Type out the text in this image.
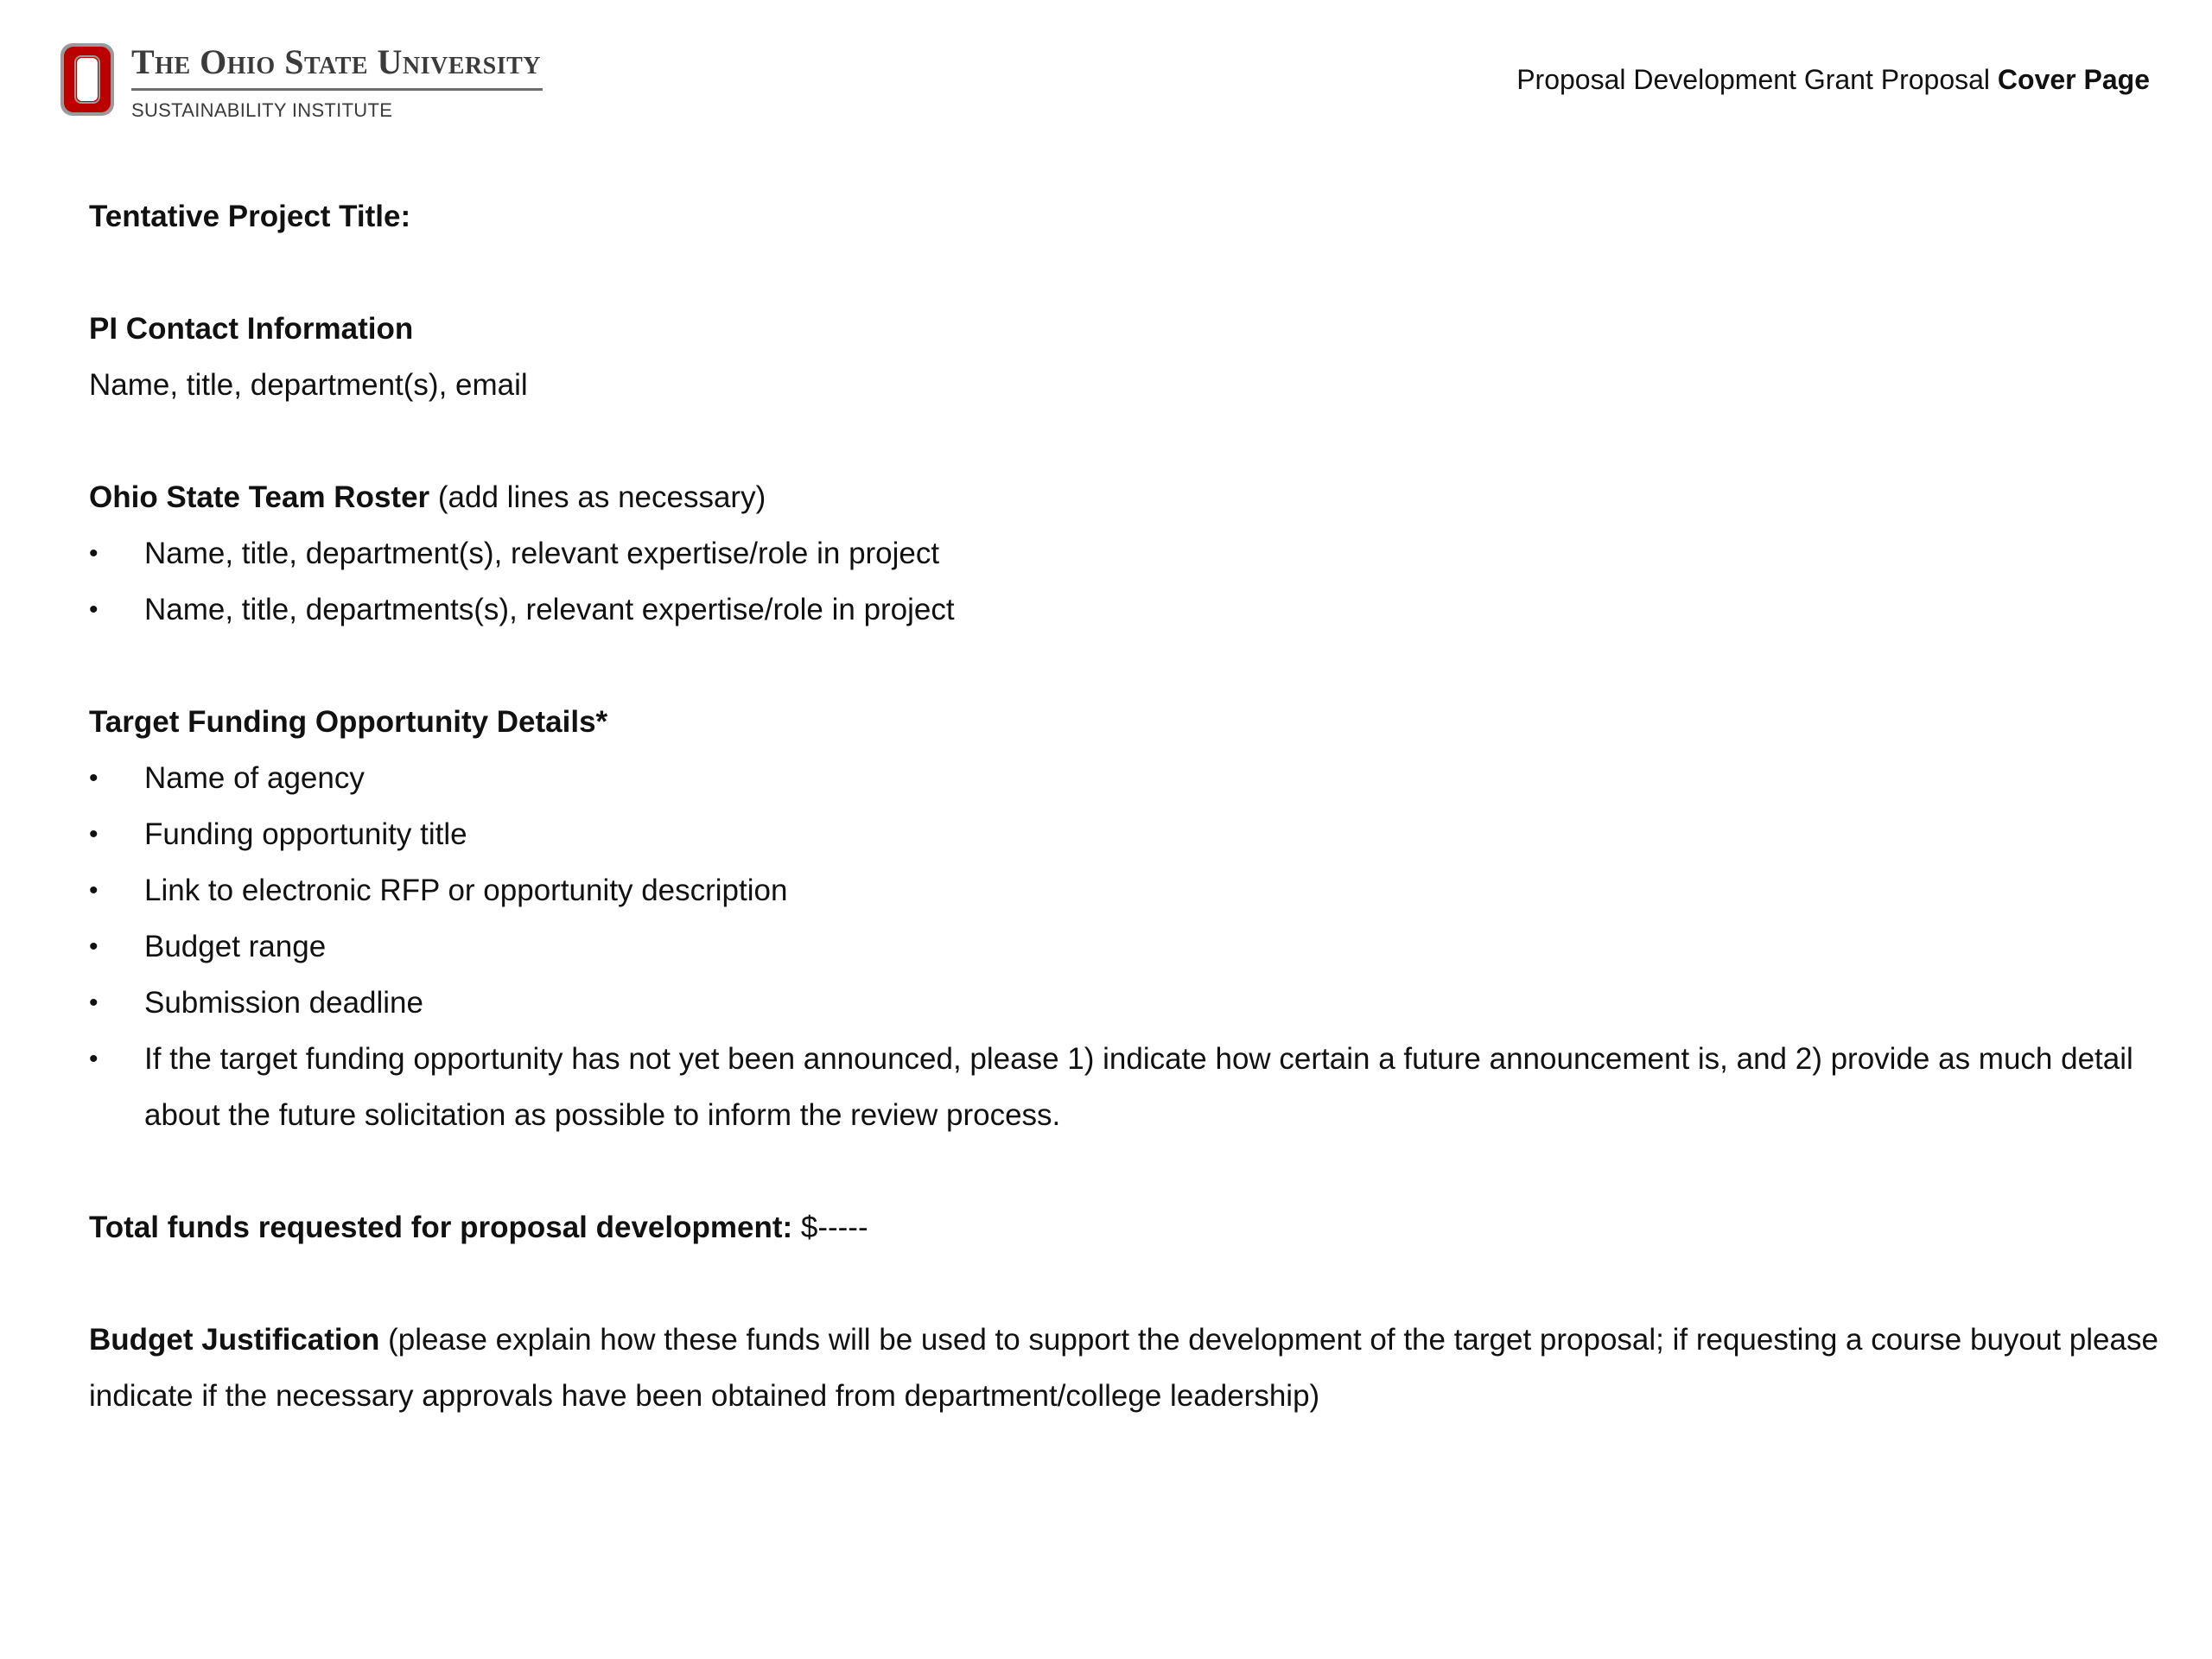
The Ohio State University
SUSTAINABILITY INSTITUTE
Proposal Development Grant Proposal Cover Page

Tentative Project Title:

PI Contact Information

Name, title, department(s), email

Ohio State Team Roster (add lines as necessary)

•	Name, title, department(s), relevant expertise/role in project
•	Name, title, departments(s), relevant expertise/role in project

Target Funding Opportunity Details*

•	Name of agency
•	Funding opportunity title
•	Link to electronic RFP or opportunity description
•	Budget range
•	Submission deadline
•	If the target funding opportunity has not yet been announced, please 1) indicate how certain a future announcement is, and 2) provide as much detail about the future solicitation as possible to inform the review process.

Total funds requested for proposal development: $-----

Budget Justification (please explain how these funds will be used to support the development of the target proposal; if requesting a course buyout please indicate if the necessary approvals have been obtained from department/college leadership)
